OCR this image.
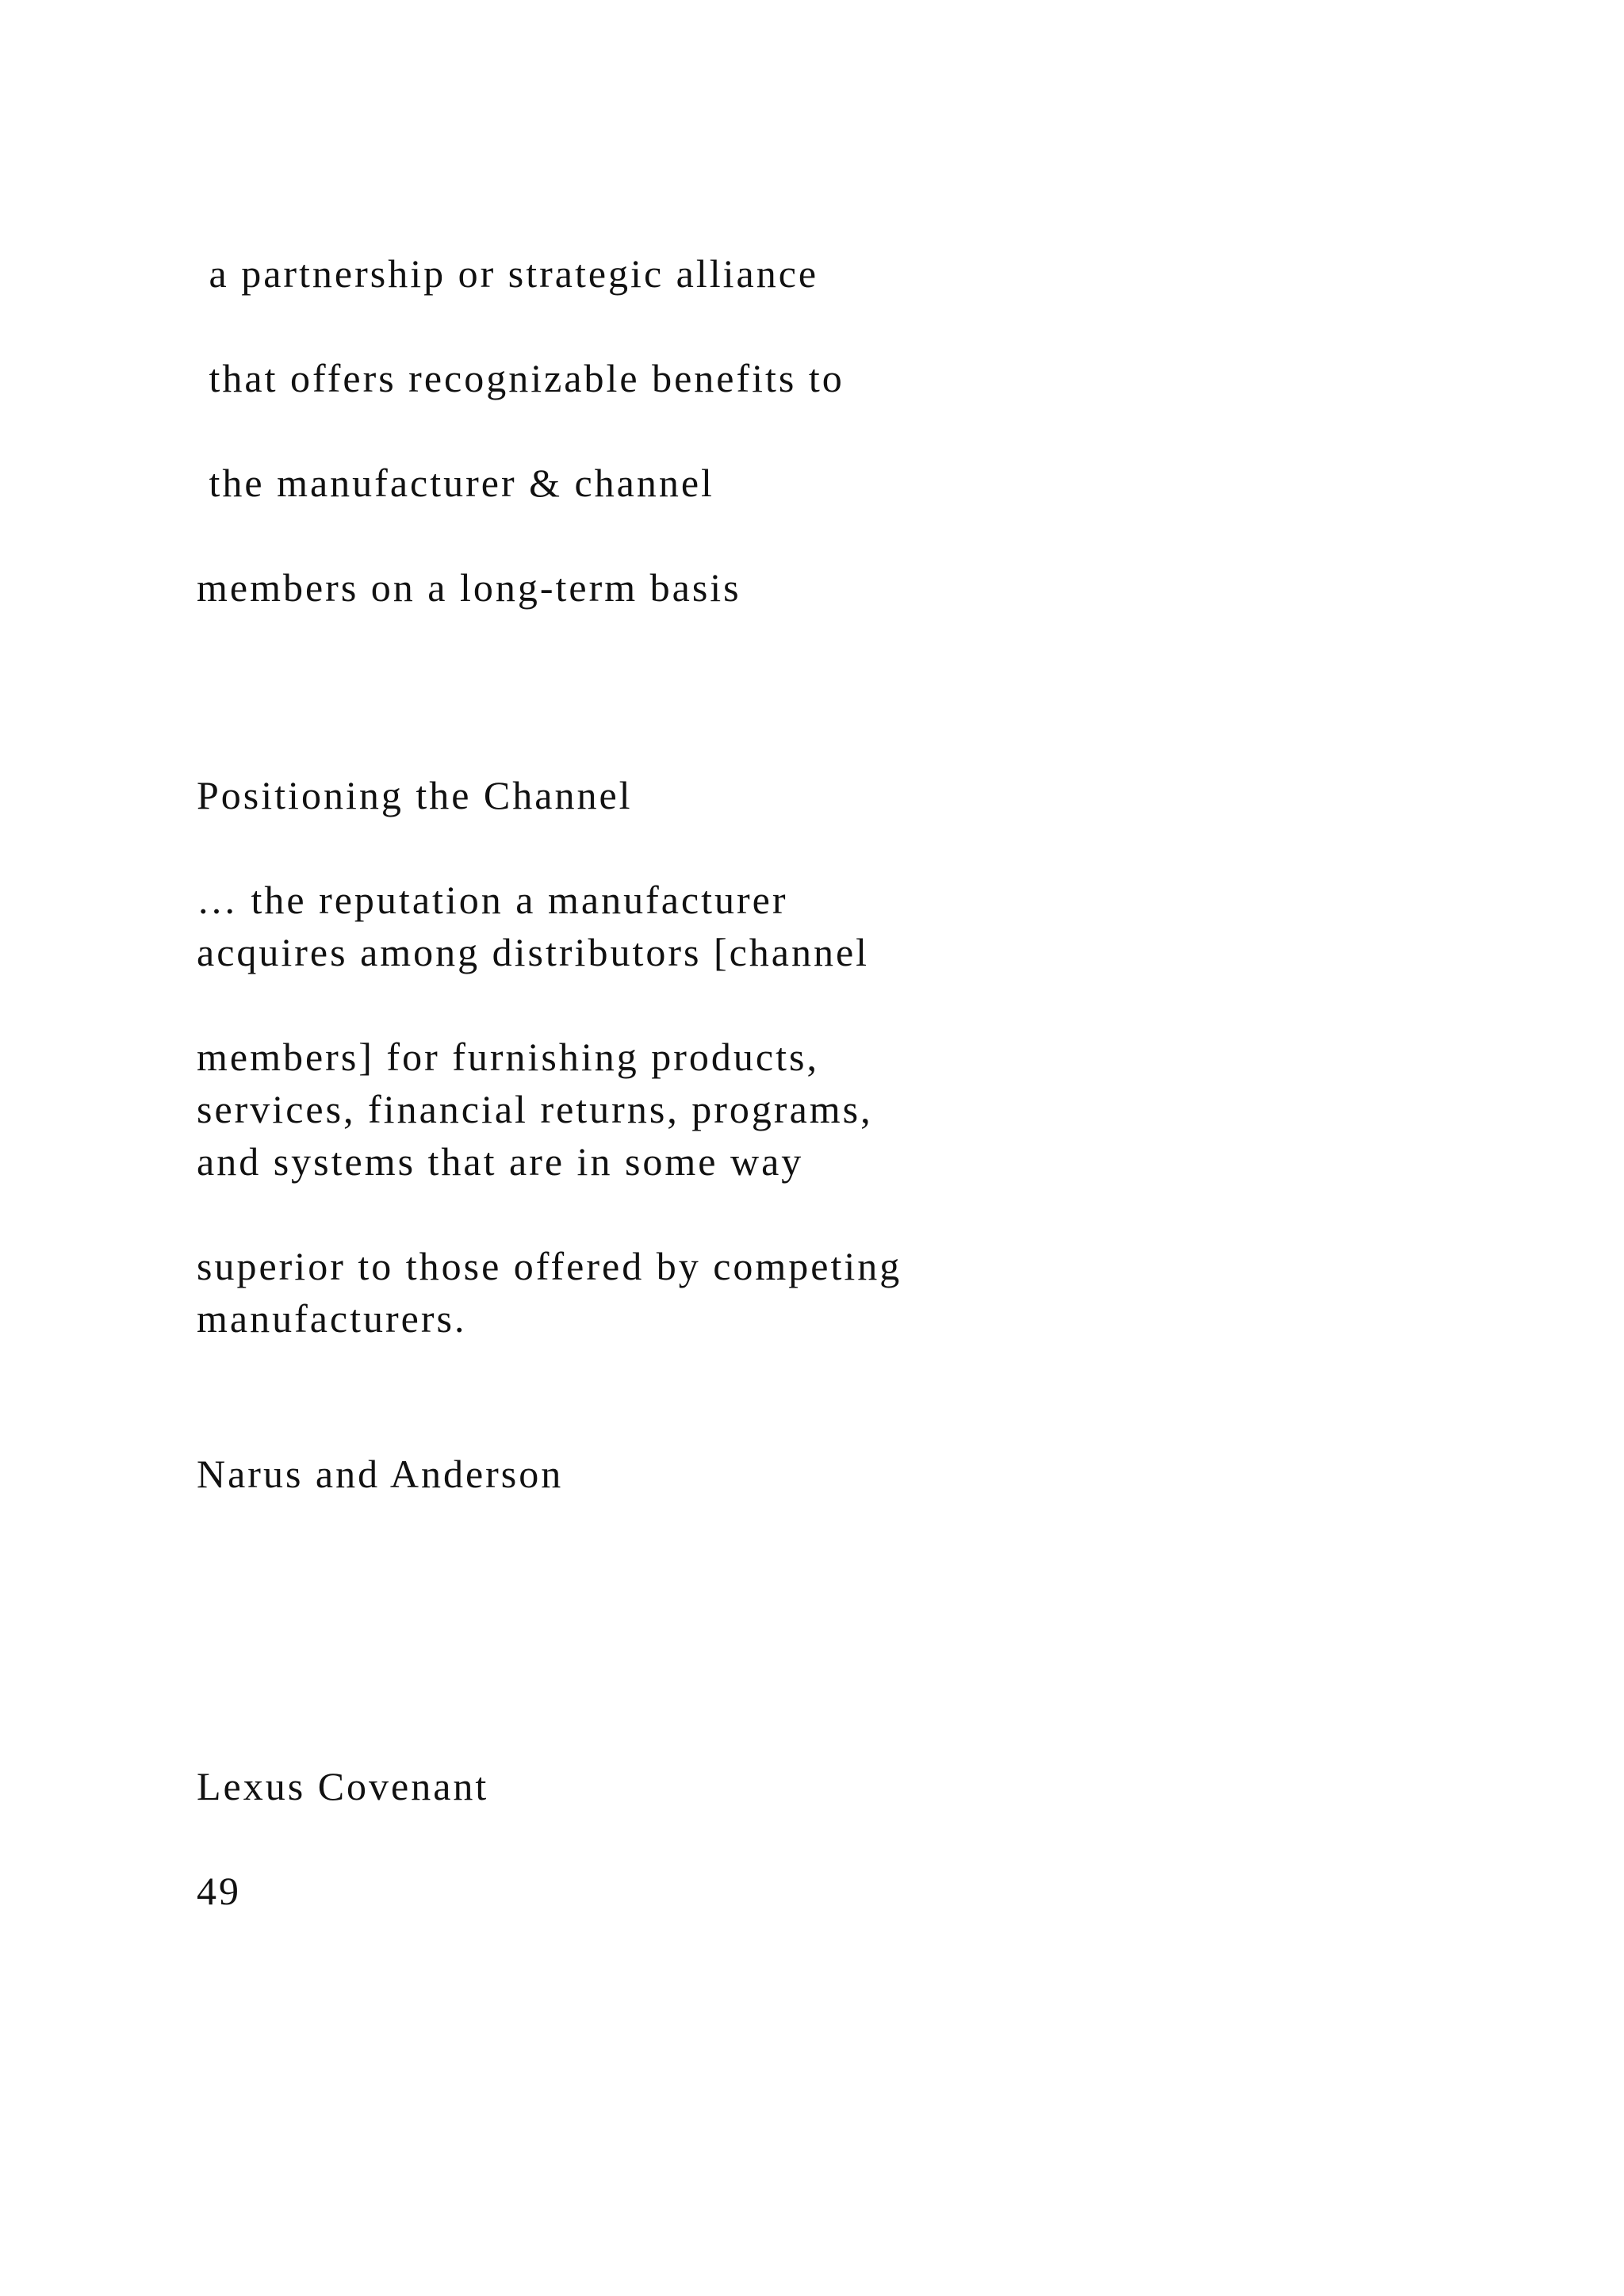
a partnership or strategic alliance

that offers recognizable benefits to

the manufacturer & channel

members on a long-term basis

Positioning the Channel

… the reputation a manufacturer

acquires among distributors [channel

members] for furnishing products,

services, financial returns, programs,

and systems that are in some way

superior to those offered by competing

manufacturers.

Narus and Anderson

Lexus Covenant

49
